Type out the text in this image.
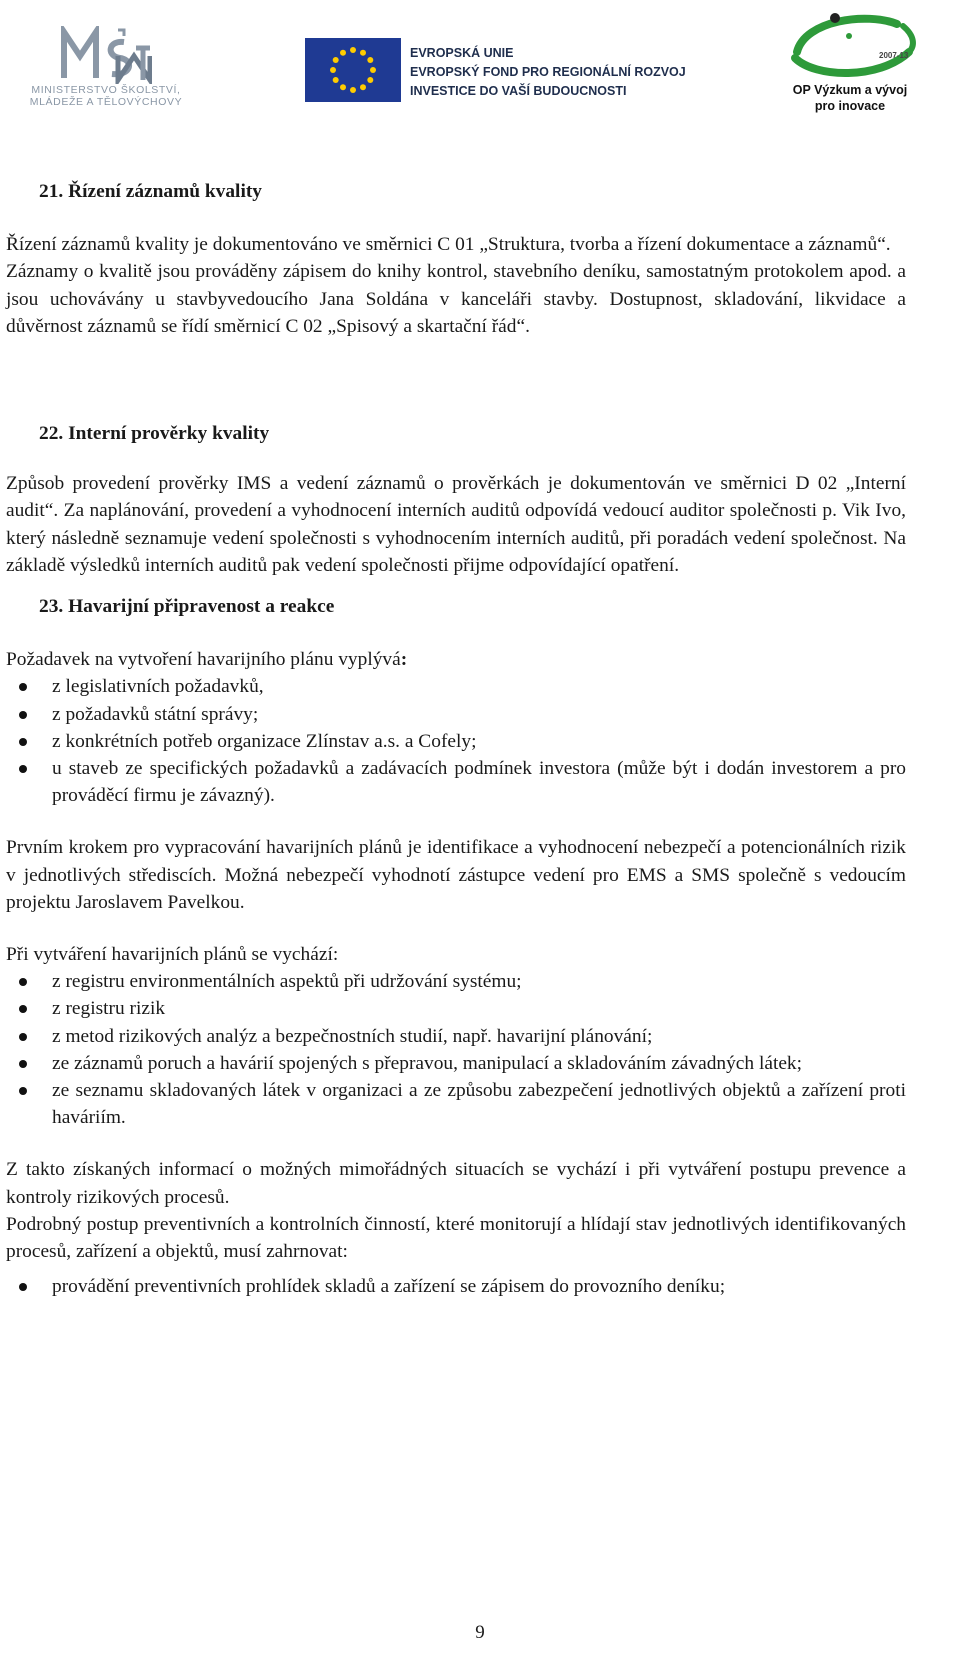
MINISTERSTVO ŠKOLSTVÍ,
MLÁDEŽE A TĚLOVÝCHOVY
EVROPSKÁ UNIE
EVROPSKÝ FOND PRO REGIONÁLNÍ ROZVOJ
INVESTICE DO VAŠÍ BUDOUCNOSTI
2007-13
OP Výzkum a vývoj
pro inovace

21. Řízení záznamů kvality

Řízení záznamů kvality je dokumentováno ve směrnici C 01 „Struktura, tvorba a řízení dokumentace a záznamů“.
Záznamy o kvalitě jsou prováděny zápisem do knihy kontrol, stavebního deníku, samostatným protokolem apod. a jsou uchovávány u stavbyvedoucího Jana Soldána v kanceláři stavby. Dostupnost, skladování, likvidace a důvěrnost záznamů se řídí směrnicí C 02 „Spisový a skartační řád“.

22. Interní prověrky kvality

Způsob provedení prověrky IMS a vedení záznamů o prověrkách je dokumentován ve směrnici D 02 „Interní audit“. Za naplánování, provedení a vyhodnocení interních auditů odpovídá vedoucí auditor společnosti p. Vik Ivo, který následně seznamuje vedení společnosti s vyhodnocením interních auditů, při poradách vedení společnost. Na základě výsledků interních auditů pak vedení společnosti přijme odpovídající opatření.

23. Havarijní připravenost a reakce

Požadavek na vytvoření havarijního plánu vyplývá:

z legislativních požadavků,
z požadavků státní správy;
z konkrétních potřeb organizace Zlínstav a.s. a Cofely;
u staveb ze specifických požadavků a zadávacích podmínek investora (může být i dodán investorem a pro prováděcí firmu je závazný).

Prvním krokem pro vypracování havarijních plánů je identifikace a vyhodnocení nebezpečí a potencionálních rizik v jednotlivých střediscích. Možná nebezpečí vyhodnotí zástupce vedení pro EMS a SMS společně s vedoucím projektu Jaroslavem Pavelkou.

Při vytváření havarijních plánů se vychází:

z registru environmentálních aspektů při udržování systému;
z registru rizik
z metod rizikových analýz a bezpečnostních studií, např. havarijní plánování;
ze záznamů poruch a havárií spojených s přepravou, manipulací a skladováním závadných látek;
ze seznamu skladovaných látek v organizaci a ze způsobu zabezpečení jednotlivých objektů a zařízení proti haváriím.

Z takto získaných informací o možných mimořádných situacích se vychází i při vytváření postupu prevence a kontroly rizikových procesů.

Podrobný postup preventivních a kontrolních činností, které monitorují a hlídají stav jednotlivých identifikovaných procesů, zařízení a objektů, musí zahrnovat:

provádění preventivních prohlídek skladů a zařízení se zápisem do provozního deníku;
9
